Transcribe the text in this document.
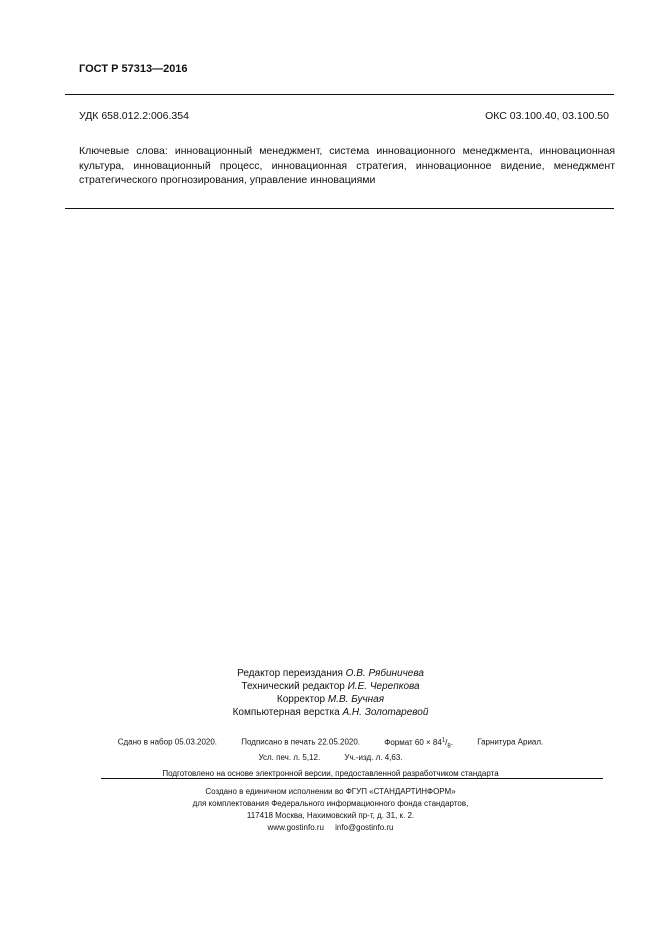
ГОСТ Р 57313—2016
УДК 658.012.2:006.354	ОКС 03.100.40, 03.100.50
Ключевые слова: инновационный менеджмент, система инновационного менеджмента, инновационная
культура, инновационный процесс, инновационная стратегия, инновационное видение, менеджмент
стратегического прогнозирования, управление инновациями
Редактор переиздания О.В. Рябиничева
Технический редактор И.Е. Черепкова
Корректор М.В. Бучная
Компьютерная верстка А.Н. Золотаревой
Сдано в набор 05.03.2020.	Подписано в печать 22.05.2020.	Формат $60 \times 84^1/_8$.	Гарнитура Ариал.
Усл. печ. л. 5,12.	Уч.-изд. л. 4,63.
Подготовлено на основе электронной версии, предоставленной разработчиком стандарта
Создано в единичном исполнении во ФГУП «СТАНДАРТИНФОРМ»
для комплектования Федерального информационного фонда стандартов,
117418 Москва, Нахимовский пр-т, д. 31, к. 2.
www.gostinfo.ru info@gostinfo.ru
